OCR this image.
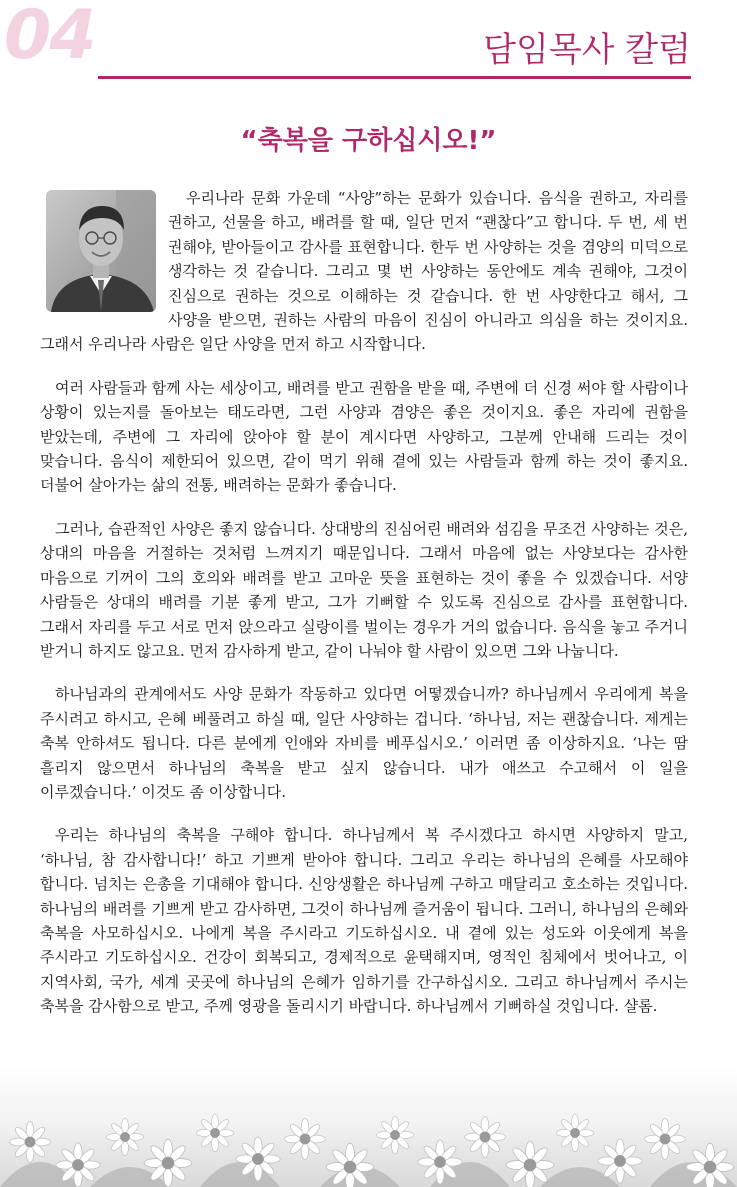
04	담임목사 칼럼
“축복을 구하십시오!”

우리나라 문화 가운데 “사양”하는 문화가 있습니다. 음식을 권하고, 자리를 권하고, 선물을 하고, 배려를 할 때, 일단 먼저 “괜찮다”고 합니다. 두 번, 세 번 권해야, 받아들이고 감사를 표현합니다. 한두 번 사양하는 것을 겸양의 미덕으로 생각하는 것 같습니다. 그리고 몇 번 사양하는 동안에도 계속 권해야, 그것이 진심으로 권하는 것으로 이해하는 것 같습니다. 한 번 사양한다고 해서, 그 사양을 받으면, 권하는 사람의 마음이 진심이 아니라고 의심을 하는 것이지요. 그래서 우리나라 사람은 일단 사양을 먼저 하고 시작합니다.

여러 사람들과 함께 사는 세상이고, 배려를 받고 권함을 받을 때, 주변에 더 신경 써야 할 사람이나 상황이 있는지를 돌아보는 태도라면, 그런 사양과 겸양은 좋은 것이지요. 좋은 자리에 권함을 받았는데, 주변에 그 자리에 앉아야 할 분이 계시다면 사양하고, 그분께 안내해 드리는 것이 맞습니다. 음식이 제한되어 있으면, 같이 먹기 위해 곁에 있는 사람들과 함께 하는 것이 좋지요. 더불어 살아가는 삶의 전통, 배려하는 문화가 좋습니다.

그러나, 습관적인 사양은 좋지 않습니다. 상대방의 진심어린 배려와 섬김을 무조건 사양하는 것은, 상대의 마음을 거절하는 것처럼 느껴지기 때문입니다. 그래서 마음에 없는 사양보다는 감사한 마음으로 기꺼이 그의 호의와 배려를 받고 고마운 뜻을 표현하는 것이 좋을 수 있겠습니다. 서양 사람들은 상대의 배려를 기분 좋게 받고, 그가 기뻐할 수 있도록 진심으로 감사를 표현합니다. 그래서 자리를 두고 서로 먼저 앉으라고 실랑이를 벌이는 경우가 거의 없습니다. 음식을 놓고 주거니 받거니 하지도 않고요. 먼저 감사하게 받고, 같이 나눠야 할 사람이 있으면 그와 나눕니다.

하나님과의 관계에서도 사양 문화가 작동하고 있다면 어떻겠습니까? 하나님께서 우리에게 복을 주시려고 하시고, 은혜 베풀려고 하실 때, 일단 사양하는 겁니다. ‘하나님, 저는 괜찮습니다. 제게는 축복 안하셔도 됩니다. 다른 분에게 인애와 자비를 베푸십시오.’ 이러면 좀 이상하지요. ‘나는 땀 흘리지 않으면서 하나님의 축복을 받고 싶지 않습니다. 내가 애쓰고 수고해서 이 일을 이루겠습니다.’ 이것도 좀 이상합니다.

우리는 하나님의 축복을 구해야 합니다. 하나님께서 복 주시겠다고 하시면 사양하지 말고, ‘하나님, 참 감사합니다!’ 하고 기쁘게 받아야 합니다. 그리고 우리는 하나님의 은혜를 사모해야 합니다. 넘치는 은총을 기대해야 합니다. 신앙생활은 하나님께 구하고 매달리고 호소하는 것입니다. 하나님의 배려를 기쁘게 받고 감사하면, 그것이 하나님께 즐거움이 됩니다. 그러니, 하나님의 은혜와 축복을 사모하십시오. 나에게 복을 주시라고 기도하십시오. 내 곁에 있는 성도와 이웃에게 복을 주시라고 기도하십시오. 건강이 회복되고, 경제적으로 윤택해지며, 영적인 침체에서 벗어나고, 이 지역사회, 국가, 세계 곳곳에 하나님의 은혜가 임하기를 간구하십시오. 그리고 하나님께서 주시는 축복을 감사함으로 받고, 주께 영광을 돌리시기 바랍니다. 하나님께서 기뻐하실 것입니다. 샬롬.
